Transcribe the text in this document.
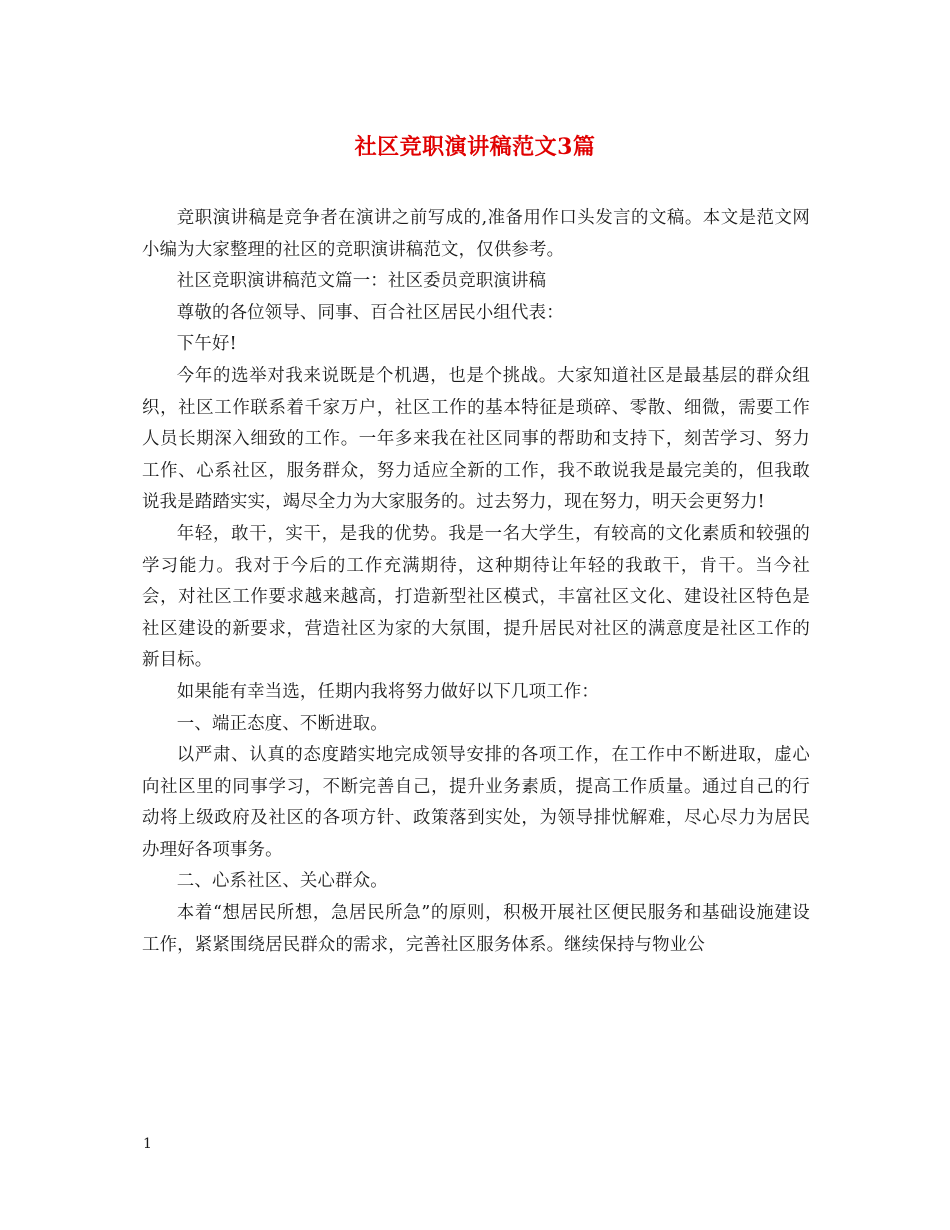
社区竞职演讲稿范文3篇

竞职演讲稿是竞争者在演讲之前写成的,准备用作口头发言的文稿。本文是范文网小编为大家整理的社区的竞职演讲稿范文，仅供参考。

社区竞职演讲稿范文篇一：社区委员竞职演讲稿

尊敬的各位领导、同事、百合社区居民小组代表：

下午好!

今年的选举对我来说既是个机遇，也是个挑战。大家知道社区是最基层的群众组织，社区工作联系着千家万户，社区工作的基本特征是琐碎、零散、细微，需要工作人员长期深入细致的工作。一年多来我在社区同事的帮助和支持下，刻苦学习、努力工作、心系社区，服务群众，努力适应全新的工作，我不敢说我是最完美的，但我敢说我是踏踏实实，竭尽全力为大家服务的。过去努力，现在努力，明天会更努力!

年轻，敢干，实干，是我的优势。我是一名大学生，有较高的文化素质和较强的学习能力。我对于今后的工作充满期待，这种期待让年轻的我敢干，肯干。当今社会，对社区工作要求越来越高，打造新型社区模式，丰富社区文化、建设社区特色是社区建设的新要求，营造社区为家的大氛围，提升居民对社区的满意度是社区工作的新目标。

如果能有幸当选，任期内我将努力做好以下几项工作：

一、端正态度、不断进取。

以严肃、认真的态度踏实地完成领导安排的各项工作，在工作中不断进取，虚心向社区里的同事学习，不断完善自己，提升业务素质，提高工作质量。通过自己的行动将上级政府及社区的各项方针、政策落到实处，为领导排忧解难，尽心尽力为居民办理好各项事务。

二、心系社区、关心群众。

本着“想居民所想，急居民所急”的原则，积极开展社区便民服务和基础设施建设工作，紧紧围绕居民群众的需求，完善社区服务体系。继续保持与物业公

1
